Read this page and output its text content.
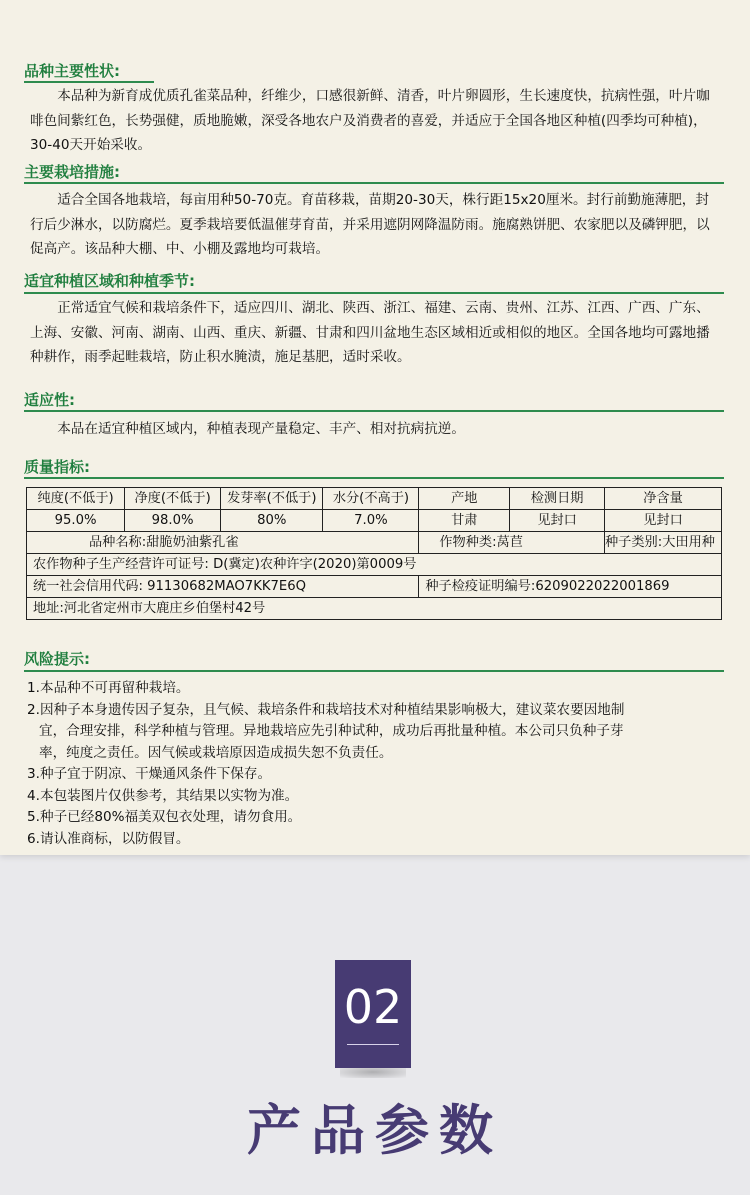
品种主要性状:
本品种为新育成优质孔雀菜品种，纤维少，口感很新鲜、清香，叶片卵圆形，生长速度快，抗病性强，叶片咖啡色间紫红色，长势强健，质地脆嫩，深受各地农户及消费者的喜爱，并适应于全国各地区种植(四季均可种植)，30-40天开始采收。
主要栽培措施:
适合全国各地栽培，每亩用种50-70克。育苗移栽，苗期20-30天，株行距15x20厘米。封行前勤施薄肥，封行后少淋水，以防腐烂。夏季栽培要低温催芽育苗，并采用遮阴网降温防雨。施腐熟饼肥、农家肥以及磷钾肥，以促高产。该品种大棚、中、小棚及露地均可栽培。
适宜种植区域和种植季节:
正常适宜气候和栽培条件下，适应四川、湖北、陕西、浙江、福建、云南、贵州、江苏、江西、广西、广东、上海、安徽、河南、湖南、山西、重庆、新疆、甘肃和四川盆地生态区域相近或相似的地区。全国各地均可露地播种耕作，雨季起畦栽培，防止积水腌渍，施足基肥，适时采收。
适应性:
本品在适宜种植区域内，种植表现产量稳定、丰产、相对抗病抗逆。
质量指标:
纯度(不低于)	净度(不低于)	发芽率(不低于)	水分(不高于)	产地	检测日期	净含量
95.0%	98.0%	80%	7.0%	甘肃	见封口	见封口
品种名称:甜脆奶油紫孔雀				作物种类:莴苣		种子类别:大田用种
农作物种子生产经营许可证号: D(冀定)农种许字(2020)第0009号						
统一社会信用代码: 91130682MAO7KK7E6Q				种子检疫证明编号:6209022022001869		
地址:河北省定州市大鹿庄乡伯堡村42号						
风险提示:
1.本品种不可再留种栽培。
2.因种子本身遗传因子复杂，且气候、栽培条件和栽培技术对种植结果影响极大，建议菜农要因地制
宜，合理安排，科学种植与管理。异地栽培应先引种试种，成功后再批量种植。本公司只负种子芽
率，纯度之责任。因气候或栽培原因造成损失恕不负责任。
3.种子宜于阴凉、干燥通风条件下保存。
4.本包装图片仅供参考，其结果以实物为准。
5.种子已经80%福美双包衣处理，请勿食用。
6.请认准商标，以防假冒。
02
产品参数
